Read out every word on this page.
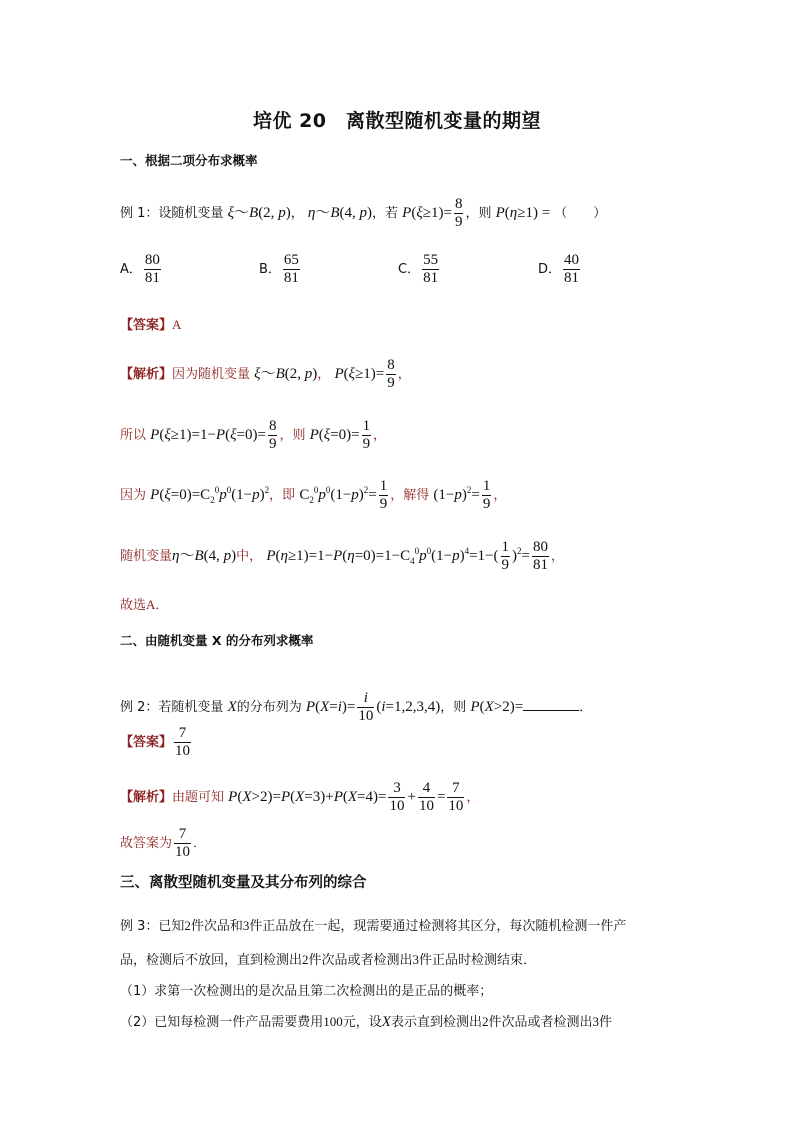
培优 20　离散型随机变量的期望
一、根据二项分布求概率
例 1：设随机变量 ξ～B(2, p)， η～B(4, p)，若 $P(\xi\ge 1)= \frac{8}{9}$ ，则 P(η≥1) = （　　）
A． $\frac{80}{81}$	B． $\frac{65}{81}$	C． $\frac{55}{81}$	D． $\frac{40}{81}$
【答案】A
【解析】因为随机变量 ξ～B(2, p)， $P(\xi\ge 1)= \frac{8}{9}$ ，
所以 $P(\xi\ge 1)=1-P(\xi=0)= \frac{8}{9}$ ，则 $P(\xi=0)= \frac{1}{9}$ ，
因为 $P(\xi=0)=C_2^0p^0(1-p)^2$，即 $C_2^0p^0(1-p)^2= \frac{1}{9}$ ，解得 $(1-p)^2= \frac{1}{9}$ ，
随机变量η～B(4, p)中， $P(\eta\ge 1)=1-P(\eta=0)=1-C_4^0p^0(1-p)^4=1-( \frac{1}{9} )^2= \frac{80}{81}$ ，
故选A．
二、由随机变量 X 的分布列求概率
例 2：若随机变量 X的分布列为 $P(X=i)= \frac{i}{10} (i=1,2,3,4)$，则 P(X>2)=	．
【答案】 $\frac{7}{10}$
【解析】由题可知 $P(X>2)=P(X=3)+P(X=4)= \frac{3}{10} + \frac{4}{10} = \frac{7}{10}$ ，
故答案为 $\frac{7}{10}$ ．
三、离散型随机变量及其分布列的综合
例 3：已知2件次品和3件正品放在一起，现需要通过检测将其区分，每次随机检测一件产
品，检测后不放回，直到检测出2件次品或者检测出3件正品时检测结束．
（1）求第一次检测出的是次品且第二次检测出的是正品的概率；
（2）已知每检测一件产品需要费用100元，设X表示直到检测出2件次品或者检测出3件
